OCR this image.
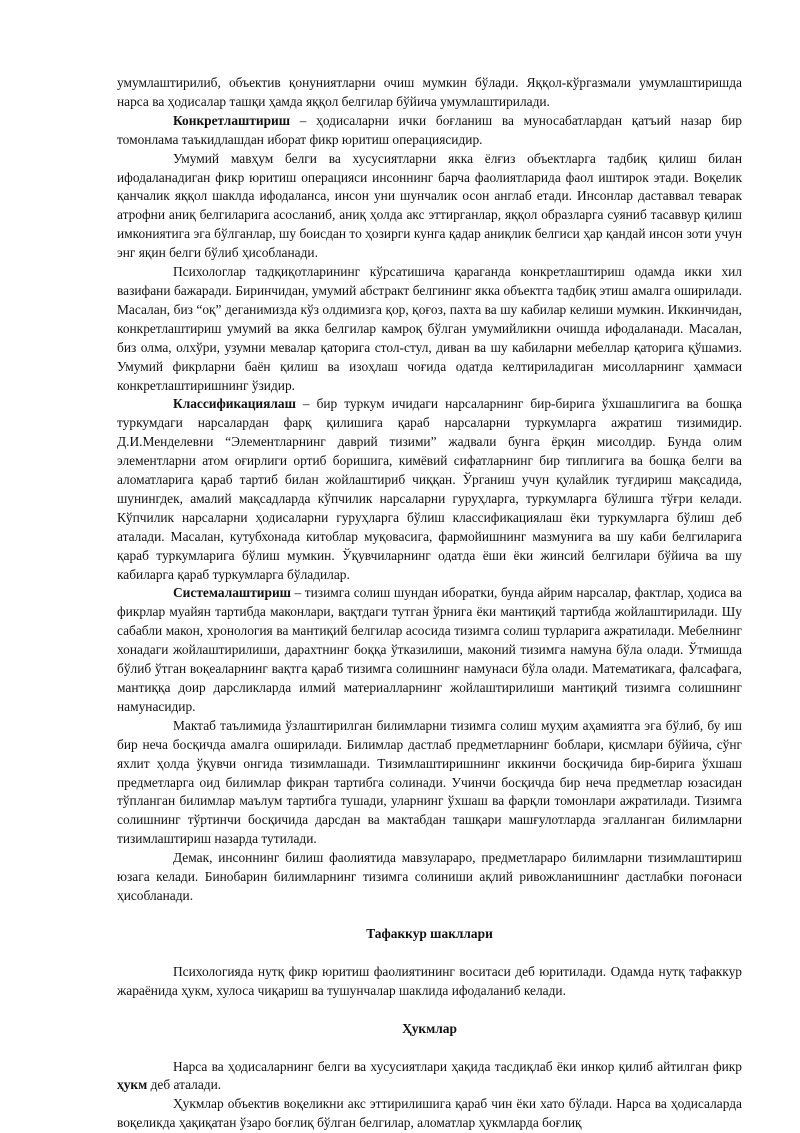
умумлаштирилиб, объектив қонуниятларни очиш мумкин бўлади. Яққол-кўргазмали умумлаштиришда нарса ва ҳодисалар ташқи ҳамда яққол белгилар бўйича умумлаштирилади.

Конкретлаштириш – ҳодисаларни ички боғланиш ва муносабатлардан қатъий назар бир томонлама таъкидлашдан иборат фикр юритиш операциясидир.

Умумий мавҳум белги ва хусусиятларни якка ёлғиз объектларга тадбиқ қилиш билан ифодаланадиган фикр юритиш операцияси инсоннинг барча фаолиятларида фаол иштирок этади. Воқелик қанчалик яққол шаклда ифодаланса, инсон уни шунчалик осон англаб етади. Инсонлар даставвал теварак атрофни аниқ белгиларига асосланиб, аниқ ҳолда акс эттирганлар, яққол образларга суяниб тасаввур қилиш имкониятига эга бўлганлар, шу боисдан то ҳозирги кунга қадар аниқлик белгиси ҳар қандай инсон зоти учун энг яқин белги бўлиб ҳисобланади.

Психологлар тадқиқотларининг кўрсатишича қараганда конкретлаштириш одамда икки хил вазифани бажаради. Биринчидан, умумий абстракт белгининг якка объектга тадбиқ этиш амалга оширилади. Масалан, биз “оқ” деганимизда кўз олдимизга қор, қоғоз, пахта ва шу кабилар келиши мумкин. Иккинчидан, конкретлаштириш умумий ва якка белгилар камроқ бўлган умумийликни очишда ифодаланади. Масалан, биз олма, олхўри, узумни мевалар қаторига стол-стул, диван ва шу кабиларни мебеллар қаторига қўшамиз. Умумий фикрларни баён қилиш ва изоҳлаш чоғида одатда келтириладиган мисолларнинг ҳаммаси конкретлаштиришнинг ўзидир.

Классификациялаш – бир туркум ичидаги нарсаларнинг бир-бирига ўхшашлигига ва бошқа туркумдаги нарсалардан фарқ қилишига қараб нарсаларни туркумларга ажратиш тизимидир. Д.И.Менделевни “Элементларнинг даврий тизими” жадвали бунга ёрқин мисолдир. Бунда олим элементларни атом оғирлиги ортиб боришига, кимёвий сифатларнинг бир типлигига ва бошқа белги ва аломатларига қараб тартиб билан жойлаштириб чиққан. Ўрганиш учун қулайлик туғдириш мақсадида, шунингдек, амалий мақсадларда кўпчилик нарсаларни гуруҳларга, туркумларга бўлишга тўғри келади. Кўпчилик нарсаларни ҳодисаларни гуруҳларга бўлиш классификациялаш ёки туркумларга бўлиш деб аталади. Масалан, кутубхонада китоблар муқовасига, фармойишнинг мазмунига ва шу каби белгиларига қараб туркумларига бўлиш мумкин. Ўқувчиларнинг одатда ёши ёки жинсий белгилари бўйича ва шу кабиларга қараб туркумларга бўладилар.

Системалаштириш – тизимга солиш шундан иборатки, бунда айрим нарсалар, фактлар, ҳодиса ва фикрлар муайян тартибда маконлари, вақтдаги тутган ўрнига ёки мантиқий тартибда жойлаштирилади. Шу сабабли макон, хронология ва мантиқий белгилар асосида тизимга солиш турларига ажратилади. Мебелнинг хонадаги жойлаштирилиши, дарахтнинг боққа ўтказилиши, маконий тизимга намуна бўла олади. Ўтмишда бўлиб ўтган воқеаларнинг вақтга қараб тизимга солишнинг намунаси бўла олади. Математикага, фалсафага, мантиққа доир дарсликларда илмий материалларнинг жойлаштирилиши мантиқий тизимга солишнинг намунасидир.

Мактаб таълимида ўзлаштирилган билимларни тизимга солиш муҳим аҳамиятга эга бўлиб, бу иш бир неча босқичда амалга оширилади. Билимлар дастлаб предметларнинг боблари, қисмлари бўйича, сўнг яхлит ҳолда ўқувчи онгида тизимлашади. Тизимлаштиришнинг иккинчи босқичида бир-бирига ўхшаш предметларга оид билимлар фикран тартибга солинади. Учинчи босқичда бир неча предметлар юзасидан тўпланган билимлар маълум тартибга тушади, уларнинг ўхшаш ва фарқли томонлари ажратилади. Тизимга солишнинг тўртинчи босқичида дарсдан ва мактабдан ташқари машғулотларда эгалланган билимларни тизимлаштириш назарда тутилади.

Демак, инсоннинг билиш фаолиятида мавзулараро, предметлараро билимларни тизимлаштириш юзага келади. Бинобарин билимларнинг тизимга солиниши ақлий ривожланишнинг дастлабки поғонаси ҳисобланади.

Тафаккур шакллари

Психологияда нутқ фикр юритиш фаолиятининг воситаси деб юритилади. Одамда нутқ тафаккур жараёнида ҳукм, хулоса чиқариш ва тушунчалар шаклида ифодаланиб келади.

Ҳукмлар

Нарса ва ҳодисаларнинг белги ва хусусиятлари ҳақида тасдиқлаб ёки инкор қилиб айтилган фикр ҳукм деб аталади.

Ҳукмлар объектив воқеликни акс эттирилишига қараб чин ёки хато бўлади. Нарса ва ҳодисаларда воқеликда ҳақиқатан ўзаро боғлиқ бўлган белгилар, аломатлар ҳукмларда боғлиқ
